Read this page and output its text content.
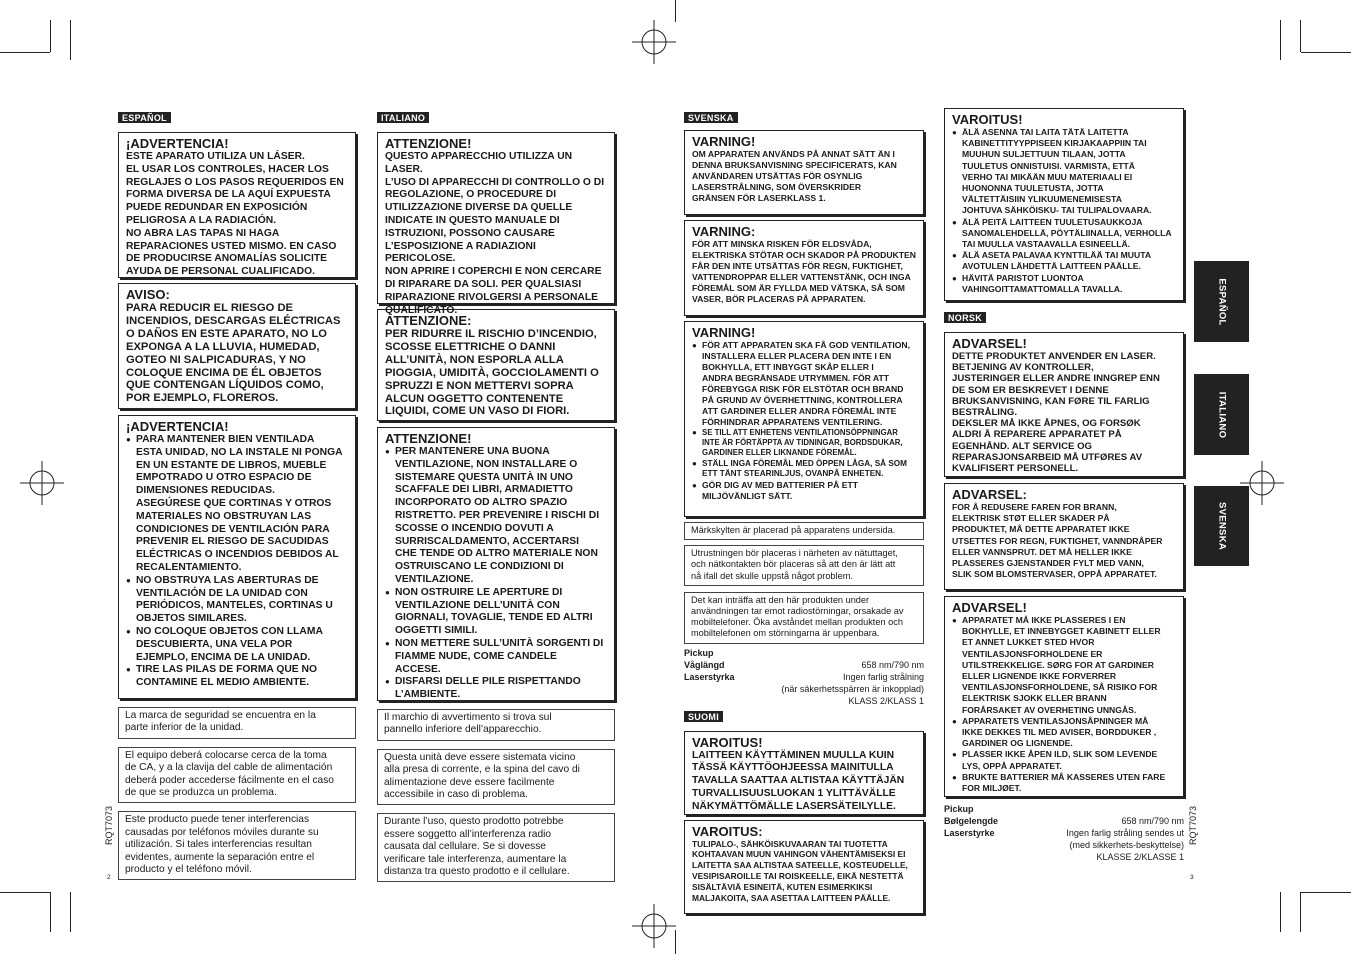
RQT7073
2
RQT7073
3
ESPAÑOL
ITALIANO
SVENSKA
ESPAÑOL
¡ADVERTENCIA!
ESTE APARATO UTILIZA UN LÁSER.
EL USAR LOS CONTROLES, HACER LOS
REGLAJES O LOS PASOS REQUERIDOS EN
FORMA DIVERSA DE LA AQUÍ EXPUESTA
PUEDE REDUNDAR EN EXPOSICIÓN
PELIGROSA A LA RADIACIÓN.
NO ABRA LAS TAPAS NI HAGA
REPARACIONES USTED MISMO. EN CASO
DE PRODUCIRSE ANOMALÍAS SOLICITE
AYUDA DE PERSONAL CUALIFICADO.
AVISO:
PARA REDUCIR EL RIESGO DE
INCENDIOS, DESCARGAS ELÉCTRICAS
O DAÑOS EN ESTE APARATO, NO LO
EXPONGA A LA LLUVIA, HUMEDAD,
GOTEO NI SALPICADURAS, Y NO
COLOQUE ENCIMA DE ÉL OBJETOS
QUE CONTENGAN LÍQUIDOS COMO,
POR EJEMPLO, FLOREROS.
¡ADVERTENCIA!
● PARA MANTENER BIEN VENTILADA
ESTA UNIDAD, NO LA INSTALE NI PONGA
EN UN ESTANTE DE LIBROS, MUEBLE
EMPOTRADO U OTRO ESPACIO DE
DIMENSIONES REDUCIDAS.
ASEGÚRESE QUE CORTINAS Y OTROS
MATERIALES NO OBSTRUYAN LAS
CONDICIONES DE VENTILACIÓN PARA
PREVENIR EL RIESGO DE SACUDIDAS
ELÉCTRICAS O INCENDIOS DEBIDOS AL
RECALENTAMIENTO.
● NO OBSTRUYA LAS ABERTURAS DE
VENTILACIÓN DE LA UNIDAD CON
PERIÓDICOS, MANTELES, CORTINAS U
OBJETOS SIMILARES.
● NO COLOQUE OBJETOS CON LLAMA
DESCUBIERTA, UNA VELA POR
EJEMPLO, ENCIMA DE LA UNIDAD.
● TIRE LAS PILAS DE FORMA QUE NO
CONTAMINE EL MEDIO AMBIENTE.
La marca de seguridad se encuentra en la
parte inferior de la unidad.
El equipo deberá colocarse cerca de la toma
de CA, y a la clavija del cable de alimentación
deberá poder accederse fácilmente en el caso
de que se produzca un problema.
Este producto puede tener interferencias
causadas por teléfonos móviles durante su
utilización. Si tales interferencias resultan
evidentes, aumente la separación entre el
producto y el teléfono móvil.
ITALIANO
ATTENZIONE!
QUESTO APPARECCHIO UTILIZZA UN
LASER.
L’USO DI APPARECCHI DI CONTROLLO O DI
REGOLAZIONE, O PROCEDURE DI
UTILIZZAZIONE DIVERSE DA QUELLE
INDICATE IN QUESTO MANUALE DI
ISTRUZIONI, POSSONO CAUSARE
L’ESPOSIZIONE A RADIAZIONI PERICOLOSE.
NON APRIRE I COPERCHI E NON CERCARE
DI RIPARARE DA SOLI. PER QUALSIASI
RIPARAZIONE RIVOLGERSI A PERSONALE
QUALIFICATO.
ATTENZIONE:
PER RIDURRE IL RISCHIO D’INCENDIO,
SCOSSE ELETTRICHE O DANNI
ALL’UNITÀ, NON ESPORLA ALLA
PIOGGIA, UMIDITÀ, GOCCIOLAMENTI O
SPRUZZI E NON METTERVI SOPRA
ALCUN OGGETTO CONTENENTE
LIQUIDI, COME UN VASO DI FIORI.
ATTENZIONE!
● PER MANTENERE UNA BUONA
VENTILAZIONE, NON INSTALLARE O
SISTEMARE QUESTA UNITÀ IN UNO
SCAFFALE DEI LIBRI, ARMADIETTO
INCORPORATO OD ALTRO SPAZIO
RISTRETTO. PER PREVENIRE I RISCHI DI
SCOSSE O INCENDIO DOVUTI A
SURRISCALDAMENTO, ACCERTARSI
CHE TENDE OD ALTRO MATERIALE NON
OSTRUISCANO LE CONDIZIONI DI
VENTILAZIONE.
● NON OSTRUIRE LE APERTURE DI
VENTILAZIONE DELL’UNITÀ CON
GIORNALI, TOVAGLIE, TENDE ED ALTRI
OGGETTI SIMILI.
● NON METTERE SULL’UNITÀ SORGENTI DI
FIAMME NUDE, COME CANDELE
ACCESE.
● DISFARSI DELLE PILE RISPETTANDO
L’AMBIENTE.
Il marchio di avvertimento si trova sul
pannello inferiore dell’apparecchio.
Questa unità deve essere sistemata vicino
alla presa di corrente, e la spina del cavo di
alimentazione deve essere facilmente
accessibile in caso di problema.
Durante l’uso, questo prodotto potrebbe
essere soggetto all’interferenza radio
causata dal cellulare. Se si dovesse
verificare tale interferenza, aumentare la
distanza tra questo prodotto e il cellulare.
SVENSKA
VARNING!
OM APPARATEN ANVÄNDS PÅ ANNAT SÄTT ÄN I
DENNA BRUKSANVISNING SPECIFICERATS, KAN
ANVÄNDAREN UTSÄTTAS FÖR OSYNLIG
LASERSTRÅLNING, SOM ÖVERSKRIDER
GRÄNSEN FÖR LASERKLASS 1.
VARNING:
FÖR ATT MINSKA RISKEN FÖR ELDSVÅDA,
ELEKTRISKA STÖTAR OCH SKADOR PÅ PRODUKTEN
FÅR DEN INTE UTSÄTTAS FÖR REGN, FUKTIGHET,
VATTENDROPPAR ELLER VATTENSTÄNK, OCH INGA
FÖREMÅL SOM ÄR FYLLDA MED VÄTSKA, SÅ SOM
VASER, BÖR PLACERAS PÅ APPARATEN.
VARNING!
● FÖR ATT APPARATEN SKA FÅ GOD VENTILATION,
INSTALLERA ELLER PLACERA DEN INTE I EN
BOKHYLLA, ETT INBYGGT SKÅP ELLER I
ANDRA BEGRÄNSADE UTRYMMEN. FÖR ATT
FÖREBYGGA RISK FÖR ELSTÖTAR OCH BRAND
PÅ GRUND AV ÖVERHETTNING, KONTROLLERA
ATT GARDINER ELLER ANDRA FÖREMÅL INTE
FÖRHINDRAR APPARATENS VENTILERING.
● SE TILL ATT ENHETENS VENTILATIONSÖPPNINGAR
INTE ÄR FÖRTÄPPTA AV TIDNINGAR, BORDSDUKAR,
GARDINER ELLER LIKNANDE FÖREMÅL.
● STÄLL INGA FÖREMÅL MED ÖPPEN LÅGA, SÅ SOM
ETT TÄNT STEARINLJUS, OVANPÅ ENHETEN.
● GÖR DIG AV MED BATTERIER PÅ ETT
MILJÖVÄNLIGT SÄTT.
Märkskylten är placerad på apparatens undersida.
Utrustningen bör placeras i närheten av nätuttaget,
och nätkontakten bör placeras så att den är lätt att
nå ifall det skulle uppstå något problem.
Det kan inträffa att den här produkten under
användningen tar emot radiostörningar, orsakade av
mobiltelefoner. Öka avståndet mellan produkten och
mobiltelefonen om störningarna är uppenbara.
Pickup
Våglängd	658 nm/790 nm
Laserstyrka	Ingen farlig strålning
(när säkerhetsspärren är inkopplad)
KLASS 2/KLASS 1
SUOMI
VAROITUS!
LAITTEEN KÄYTTÄMINEN MUULLA KUIN
TÄSSÄ KÄYTTÖOHJEESSA MAINITULLA
TAVALLA SAATTAA ALTISTAA KÄYTTÄJÄN
TURVALLISUUSLUOKAN 1 YLITTÄVÄLLE
NÄKYMÄTTÖMÄLLE LASERSÄTEILYLLE.
VAROITUS:
TULIPALO-, SÄHKÖISKUVAARAN TAI TUOTETTA
KOHTAAVAN MUUN VAHINGON VÄHENTÄMISEKSI EI
LAITETTA SAA ALTISTAA SATEELLE, KOSTEUDELLE,
VESIPISAROILLE TAI ROISKEELLE, EIKÄ NESTETTÄ
SISÄLTÄVIÄ ESINEITÄ, KUTEN ESIMERKIKSI
MALJAKOITA, SAA ASETTAA LAITTEEN PÄÄLLE.
VAROITUS!
● ÄLÄ ASENNA TAI LAITA TÄTÄ LAITETTA
KABINETTITYYPPISEEN KIRJAKAAPPIIN TAI
MUUHUN SULJETTUUN TILAAN, JOTTA
TUULETUS ONNISTUISI. VARMISTA, ETTÄ
VERHO TAI MIKÄÄN MUU MATERIAALI EI
HUONONNA TUULETUSTA, JOTTA
VÄLTETTÄISIIN YLIKUUMENEMISESTA
JOHTUVA SÄHKÖISKU- TAI TULIPALOVAARA.
● ÄLÄ PEITÄ LAITTEEN TUULETUSAUKKOJA
SANOMALEHDELLÄ, PÖYTÄLIINALLA, VERHOLLA
TAI MUULLA VASTAAVALLA ESINEELLÄ.
● ÄLÄ ASETA PALAVAA KYNTTILÄÄ TAI MUUTA
AVOTULEN LÄHDETTÄ LAITTEEN PÄÄLLE.
● HÄVITÄ PARISTOT LUONTOA
VAHINGOITTAMATTOMALLA TAVALLA.
NORSK
ADVARSEL!
DETTE PRODUKTET ANVENDER EN LASER.
BETJENING AV KONTROLLER,
JUSTERINGER ELLER ANDRE INNGREP ENN
DE SOM ER BESKREVET I DENNE
BRUKSANVISNING, KAN FØRE TIL FARLIG
BESTRÅLING.
DEKSLER MÅ IKKE ÅPNES, OG FORSØK
ALDRI Å REPARERE APPARATET PÅ
EGENHÅND. ALT SERVICE OG
REPARASJONSARBEID MÅ UTFØRES AV
KVALIFISERT PERSONELL.
ADVARSEL:
FOR Å REDUSERE FAREN FOR BRANN,
ELEKTRISK STØT ELLER SKADER PÅ
PRODUKTET, MÅ DETTE APPARATET IKKE
UTSETTES FOR REGN, FUKTIGHET, VANNDRÅPER
ELLER VANNSPRUT. DET MÅ HELLER IKKE
PLASSERES GJENSTANDER FYLT MED VANN,
SLIK SOM BLOMSTERVASER, OPPÅ APPARATET.
ADVARSEL!
● APPARATET MÅ IKKE PLASSERES I EN
BOKHYLLE, ET INNEBYGGET KABINETT ELLER
ET ANNET LUKKET STED HVOR
VENTILASJONSFORHOLDENE ER
UTILSTREKKELIGE. SØRG FOR AT GARDINER
ELLER LIGNENDE IKKE FORVERRER
VENTILASJONSFORHOLDENE, SÅ RISIKO FOR
ELEKTRISK SJOKK ELLER BRANN
FORÅRSAKET AV OVERHETING UNNGÅS.
● APPARATETS VENTILASJONSÅPNINGER MÅ
IKKE DEKKES TIL MED AVISER, BORDDUKER ,
GARDINER OG LIGNENDE.
● PLASSER IKKE ÅPEN ILD, SLIK SOM LEVENDE
LYS, OPPÅ APPARATET.
● BRUKTE BATTERIER MÅ KASSERES UTEN FARE
FOR MILJØET.
Pickup
Bølgelengde	658 nm/790 nm
Laserstyrke	Ingen farlig stråling sendes ut
(med sikkerhets-beskyttelse)
KLASSE 2/KLASSE 1
